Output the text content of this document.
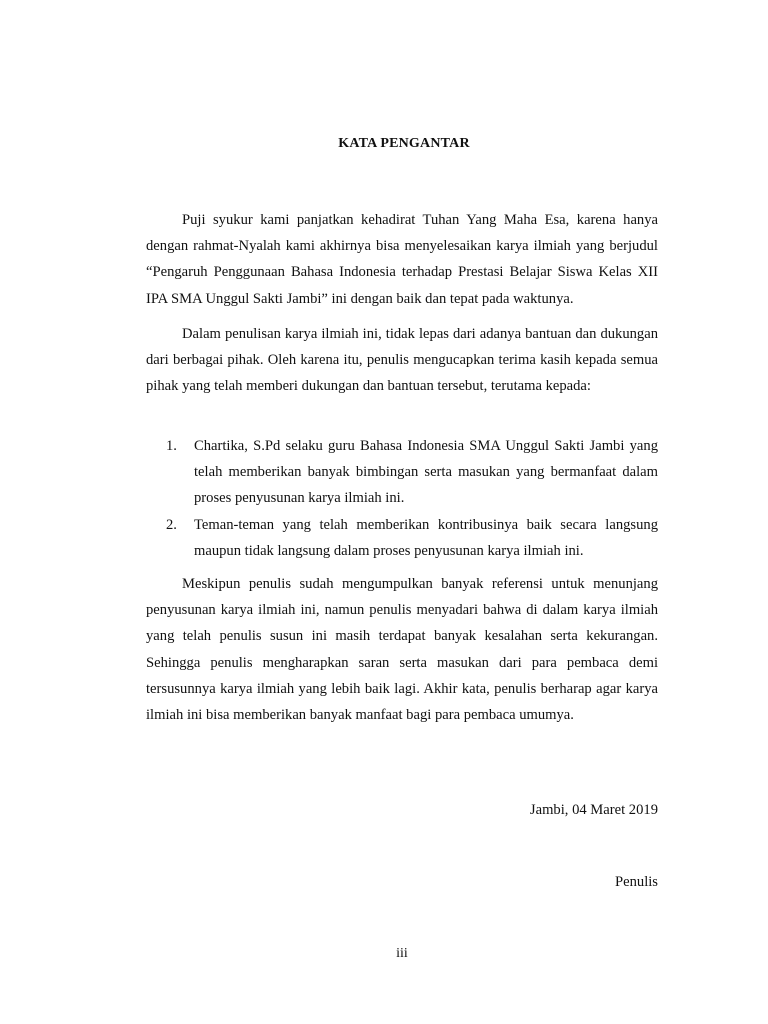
KATA PENGANTAR

Puji syukur kami panjatkan kehadirat Tuhan Yang Maha Esa, karena hanya dengan rahmat-Nyalah kami akhirnya bisa menyelesaikan karya ilmiah yang berjudul “Pengaruh Penggunaan Bahasa Indonesia terhadap Prestasi Belajar Siswa Kelas XII IPA SMA Unggul Sakti Jambi” ini dengan baik dan tepat pada waktunya.

Dalam penulisan karya ilmiah ini, tidak lepas dari adanya bantuan dan dukungan dari berbagai pihak. Oleh karena itu, penulis mengucapkan terima kasih kepada semua pihak yang telah memberi dukungan dan bantuan tersebut, terutama kepada:

1. Chartika, S.Pd selaku guru Bahasa Indonesia SMA Unggul Sakti Jambi yang telah memberikan banyak bimbingan serta masukan yang bermanfaat dalam proses penyusunan karya ilmiah ini.
2. Teman-teman yang telah memberikan kontribusinya baik secara langsung maupun tidak langsung dalam proses penyusunan karya ilmiah ini.

Meskipun penulis sudah mengumpulkan banyak referensi untuk menunjang penyusunan karya ilmiah ini, namun penulis menyadari bahwa di dalam karya ilmiah yang telah penulis susun ini masih terdapat banyak kesalahan serta kekurangan. Sehingga penulis mengharapkan saran serta masukan dari para pembaca demi tersusunnya karya ilmiah yang lebih baik lagi. Akhir kata, penulis berharap agar karya ilmiah ini bisa memberikan banyak manfaat bagi para pembaca umumya.

Jambi, 04 Maret 2019
Penulis
iii
